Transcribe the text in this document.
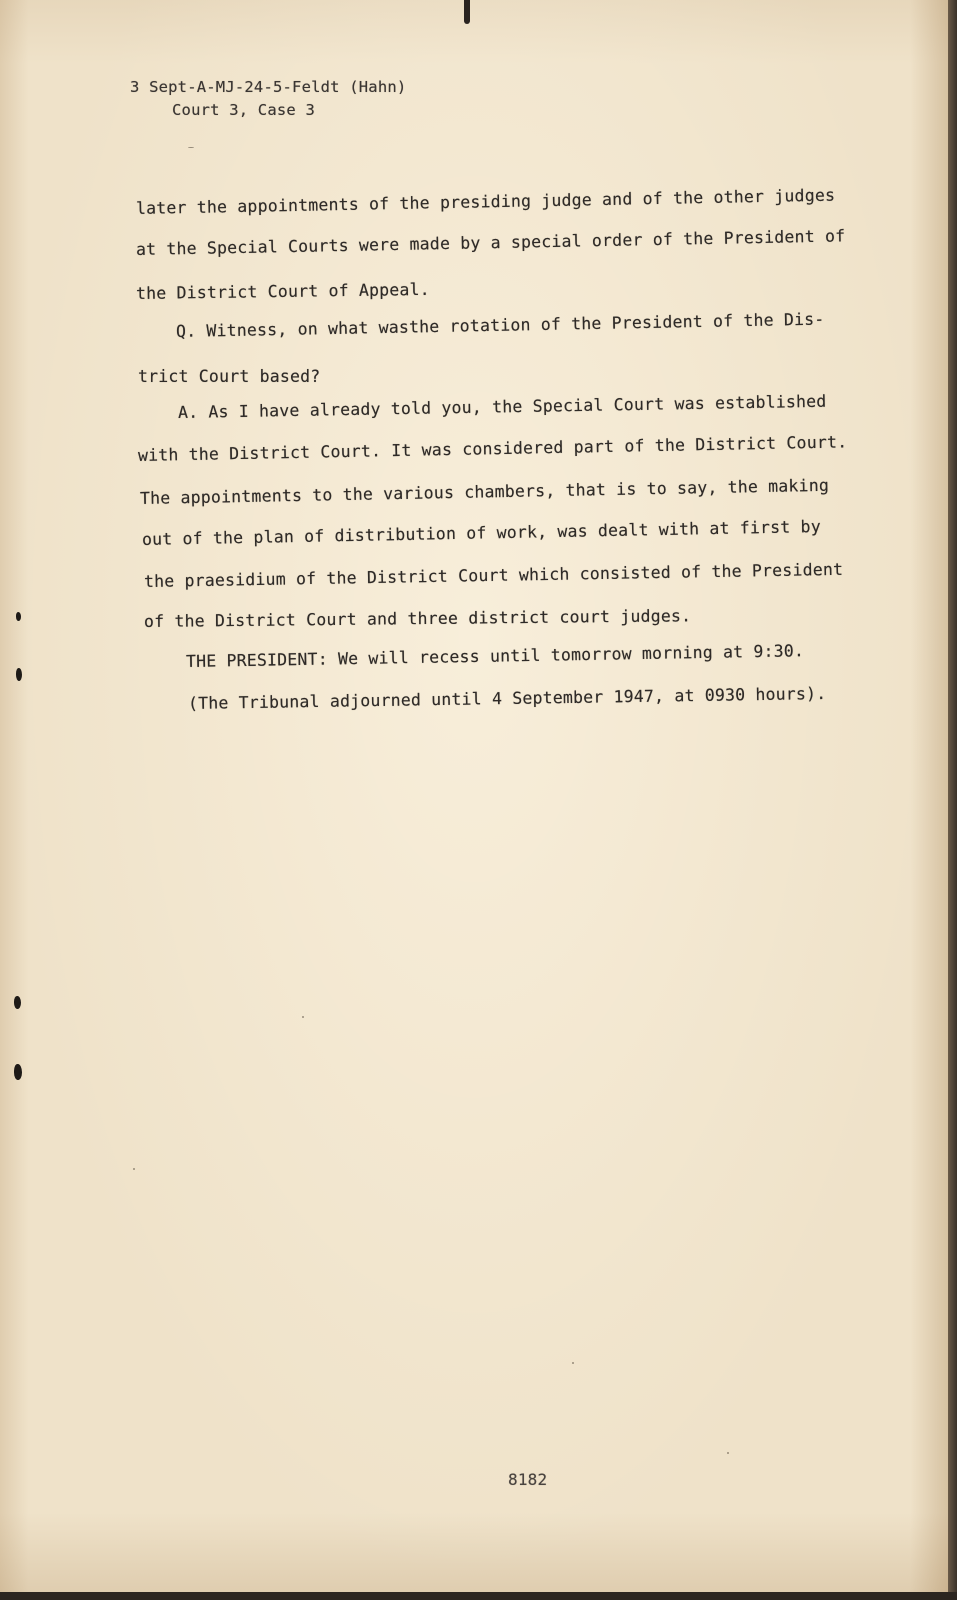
3 Sept-A-MJ-24-5-Feldt (Hahn)
Court 3, Case 3
later the appointments of the presiding judge and of the other judges
at the Special Courts were made by a special order of the President of
the District Court of Appeal.
Q. Witness, on what wasthe rotation of the President of the Dis-
trict Court based?
A. As I have already told you, the Special Court was established
with the District Court. It was considered part of the District Court.
The appointments to the various chambers, that is to say, the making
out of the plan of distribution of work, was dealt with at first by
the praesidium of the District Court which consisted of the President
of the District Court and three district court judges.
THE PRESIDENT: We will recess until tomorrow morning at 9:30.
(The Tribunal adjourned until 4 September 1947, at 0930 hours).
8182
